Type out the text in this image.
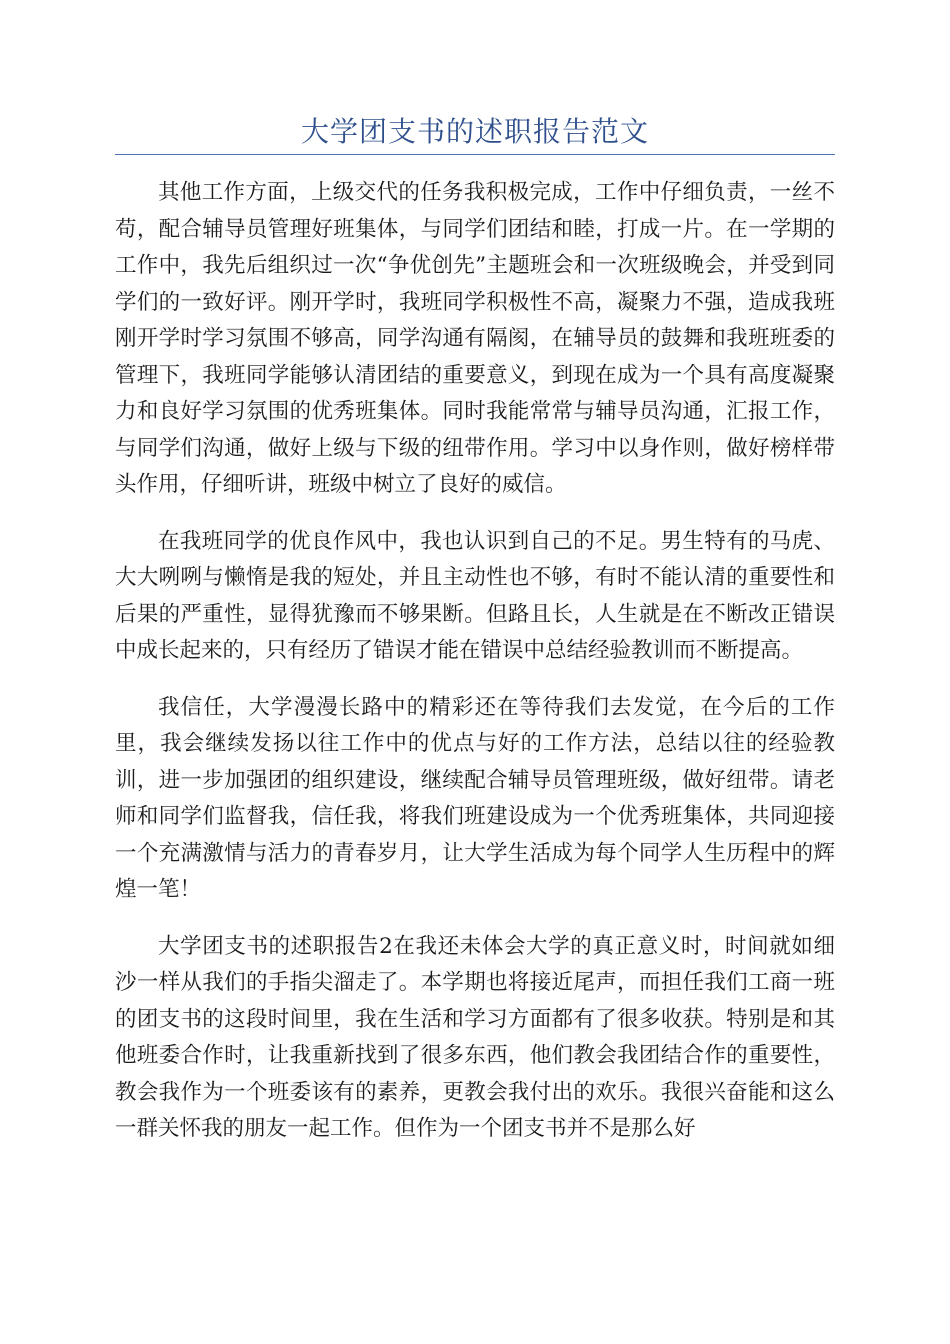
大学团支书的述职报告范文

其他工作方面，上级交代的任务我积极完成，工作中仔细负责，一丝不苟，配合辅导员管理好班集体，与同学们团结和睦，打成一片。在一学期的工作中，我先后组织过一次“争优创先”主题班会和一次班级晚会，并受到同学们的一致好评。刚开学时，我班同学积极性不高，凝聚力不强，造成我班刚开学时学习氛围不够高，同学沟通有隔阂，在辅导员的鼓舞和我班班委的管理下，我班同学能够认清团结的重要意义，到现在成为一个具有高度凝聚力和良好学习氛围的优秀班集体。同时我能常常与辅导员沟通，汇报工作，与同学们沟通，做好上级与下级的纽带作用。学习中以身作则，做好榜样带头作用，仔细听讲，班级中树立了良好的威信。

在我班同学的优良作风中，我也认识到自己的不足。男生特有的马虎、大大咧咧与懒惰是我的短处，并且主动性也不够，有时不能认清的重要性和后果的严重性，显得犹豫而不够果断。但路且长，人生就是在不断改正错误中成长起来的，只有经历了错误才能在错误中总结经验教训而不断提高。

我信任，大学漫漫长路中的精彩还在等待我们去发觉，在今后的工作里，我会继续发扬以往工作中的优点与好的工作方法，总结以往的经验教训，进一步加强团的组织建设，继续配合辅导员管理班级，做好纽带。请老师和同学们监督我，信任我，将我们班建设成为一个优秀班集体，共同迎接一个充满激情与活力的青春岁月，让大学生活成为每个同学人生历程中的辉煌一笔！

大学团支书的述职报告2在我还未体会大学的真正意义时，时间就如细沙一样从我们的手指尖溜走了。本学期也将接近尾声，而担任我们工商一班的团支书的这段时间里，我在生活和学习方面都有了很多收获。特别是和其他班委合作时，让我重新找到了很多东西，他们教会我团结合作的重要性，教会我作为一个班委该有的素养，更教会我付出的欢乐。我很兴奋能和这么一群关怀我的朋友一起工作。但作为一个团支书并不是那么好
